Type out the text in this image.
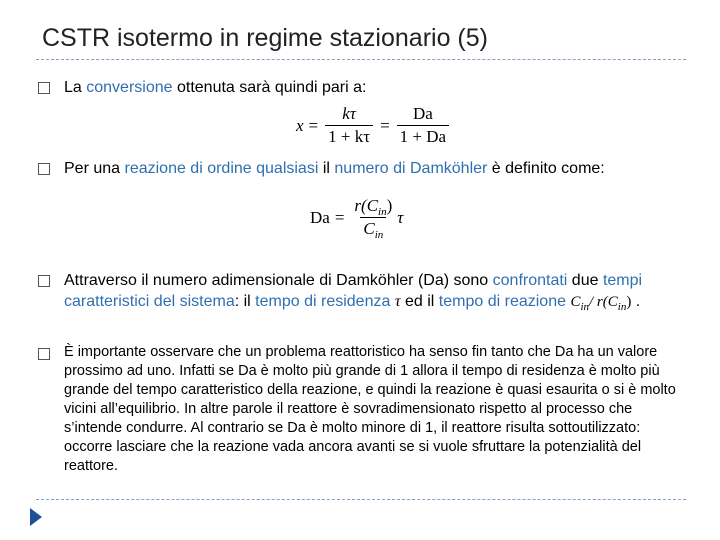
CSTR isotermo in regime stazionario (5)
La conversione ottenuta sarà quindi pari a:
$x = \frac{k\tau}{1 + k\tau} = \frac{Da}{1 + Da}$
Per una reazione di ordine qualsiasi il numero di Damköhler è definito come:
$Da = \frac{r(C_{in})}{C_{in}}$ τ
Attraverso il numero adimensionale di Damköhler (Da) sono confrontati due tempi caratteristici del sistema: il tempo di residenza τ ed il tempo di reazione $C_{in}/$ $r(C_{in})$ .
È importante osservare che un problema reattoristico ha senso fin tanto che Da ha un valore prossimo ad uno. Infatti se Da è molto più grande di 1 allora il tempo di residenza è molto più grande del tempo caratteristico della reazione, e quindi la reazione è quasi esaurita o si è molto vicini all’equilibrio. In altre parole il reattore è sovradimensionato rispetto al processo che s’intende condurre. Al contrario se Da è molto minore di 1, il reattore risulta sottoutilizzato: occorre lasciare che la reazione vada ancora avanti se si vuole sfruttare la potenzialità del reattore.
